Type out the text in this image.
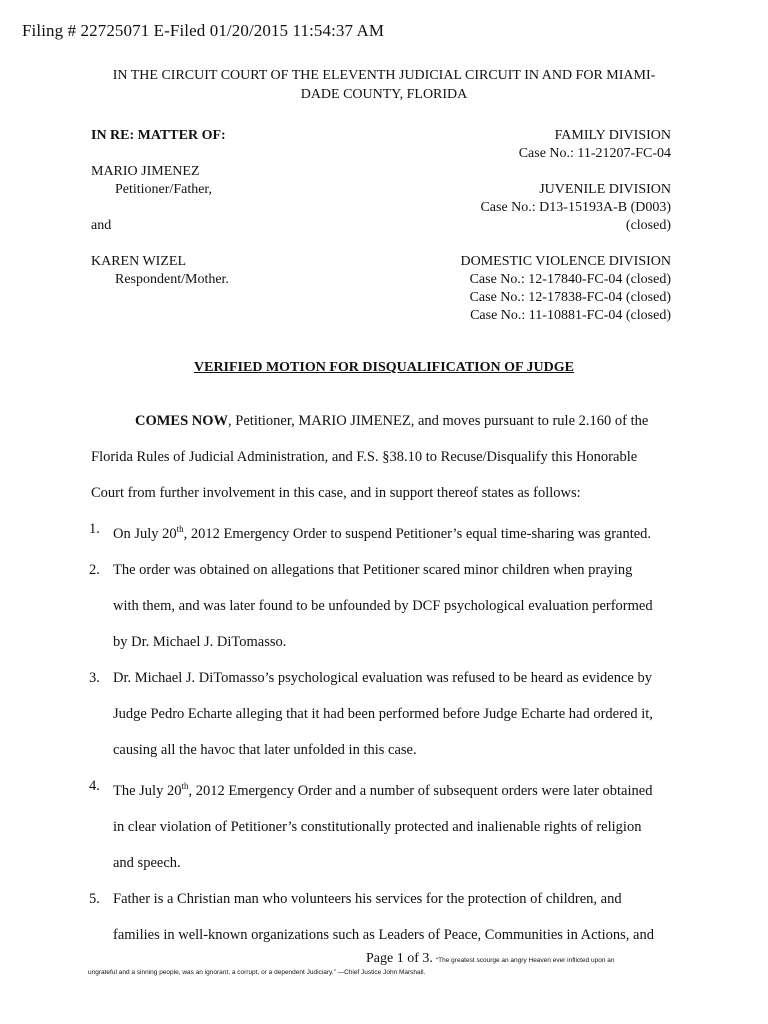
Filing # 22725071 E-Filed 01/20/2015 11:54:37 AM
IN THE CIRCUIT COURT OF THE ELEVENTH JUDICIAL CIRCUIT IN AND FOR MIAMI-
DADE COUNTY, FLORIDA
IN RE: MATTER OF:
MARIO JIMENEZ
Petitioner/Father,
and
KAREN WIZEL
Respondent/Mother.
FAMILY DIVISION
Case No.: 11-21207-FC-04
JUVENILE DIVISION
Case No.: D13-15193A-B (D003)
(closed)
DOMESTIC VIOLENCE DIVISION
Case No.: 12-17840-FC-04 (closed)
Case No.: 12-17838-FC-04 (closed)
Case No.: 11-10881-FC-04 (closed)
VERIFIED MOTION FOR DISQUALIFICATION OF JUDGE
COMES NOW, Petitioner, MARIO JIMENEZ, and moves pursuant to rule 2.160 of the
Florida Rules of Judicial Administration, and F.S. §38.10 to Recuse/Disqualify this Honorable
Court from further involvement in this case, and in support thereof states as follows:
1. On July 20th, 2012 Emergency Order to suspend Petitioner’s equal time-sharing was granted.
2. The order was obtained on allegations that Petitioner scared minor children when praying
with them, and was later found to be unfounded by DCF psychological evaluation performed
by Dr. Michael J. DiTomasso.
3. Dr. Michael J. DiTomasso’s psychological evaluation was refused to be heard as evidence by
Judge Pedro Echarte alleging that it had been performed before Judge Echarte had ordered it,
causing all the havoc that later unfolded in this case.
4. The July 20th, 2012 Emergency Order and a number of subsequent orders were later obtained
in clear violation of Petitioner’s constitutionally protected and inalienable rights of religion
and speech.
5. Father is a Christian man who volunteers his services for the protection of children, and
families in well-known organizations such as Leaders of Peace, Communities in Actions, and
Page 1 of 3. “The greatest scourge an angry Heaven ever inflicted upon an
ungrateful and a sinning people, was an ignorant, a corrupt, or a dependent Judiciary.” —Chief Justice John Marshall.
